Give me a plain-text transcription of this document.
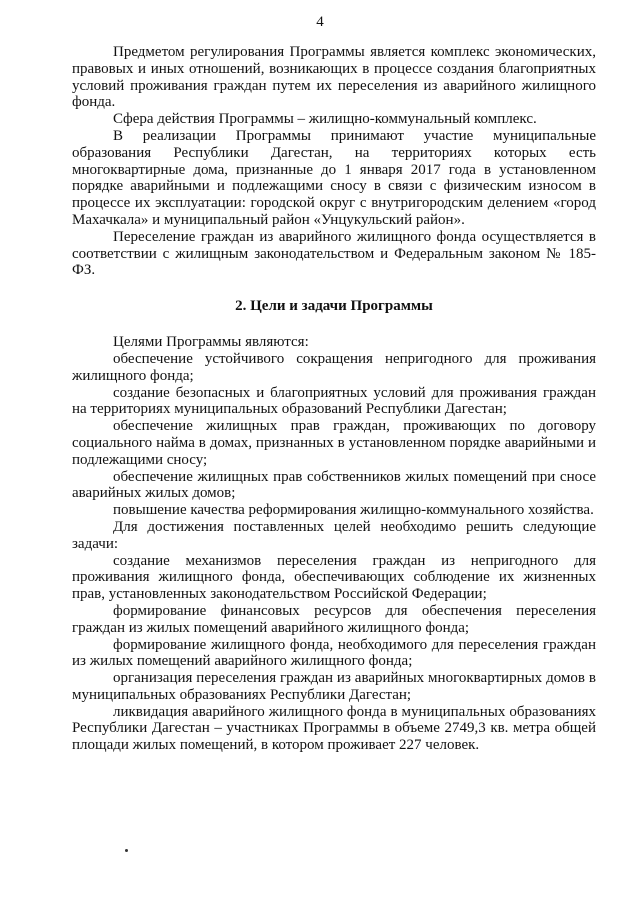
4

Предметом регулирования Программы является комплекс экономических, правовых и иных отношений, возникающих в процессе создания благоприятных условий проживания граждан путем их переселения из аварийного жилищного фонда.

Сфера действия Программы – жилищно-коммунальный комплекс.

В реализации Программы принимают участие муниципальные образования Республики Дагестан, на территориях которых есть многоквартирные дома, признанные до 1 января 2017 года в установленном порядке аварийными и подлежащими сносу в связи с физическим износом в процессе их эксплуатации: городской округ с внутригородским делением «город Махачкала» и муниципальный район «Унцукульский район».

Переселение граждан из аварийного жилищного фонда осуществляется в соответствии с жилищным законодательством и Федеральным законом № 185-ФЗ.

2. Цели и задачи Программы

Целями Программы являются:

обеспечение устойчивого сокращения непригодного для проживания жилищного фонда;

создание безопасных и благоприятных условий для проживания граждан на территориях муниципальных образований Республики Дагестан;

обеспечение жилищных прав граждан, проживающих по договору социального найма в домах, признанных в установленном порядке аварийными и подлежащими сносу;

обеспечение жилищных прав собственников жилых помещений при сносе аварийных жилых домов;

повышение качества реформирования жилищно-коммунального хозяйства.

Для достижения поставленных целей необходимо решить следующие задачи:

создание механизмов переселения граждан из непригодного для проживания жилищного фонда, обеспечивающих соблюдение их жизненных прав, установленных законодательством Российской Федерации;

формирование финансовых ресурсов для обеспечения переселения граждан из жилых помещений аварийного жилищного фонда;

формирование жилищного фонда, необходимого для переселения граждан из жилых помещений аварийного жилищного фонда;

организация переселения граждан из аварийных многоквартирных домов в муниципальных образованиях Республики Дагестан;

ликвидация аварийного жилищного фонда в муниципальных образованиях Республики Дагестан – участниках Программы в объеме 2749,3 кв. метра общей площади жилых помещений, в котором проживает 227 человек.
